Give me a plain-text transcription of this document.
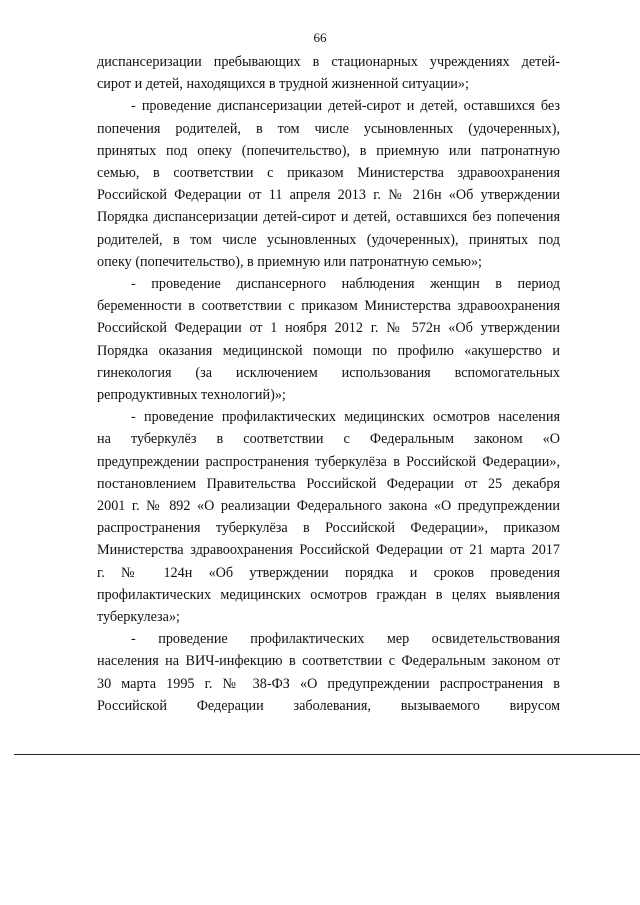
66

диспансеризации пребывающих в стационарных учреждениях детей-
сирот и детей, находящихся в трудной жизненной ситуации»;

- проведение диспансеризации детей-сирот и детей, оставшихся без
попечения родителей, в том числе усыновленных (удочеренных),
принятых под опеку (попечительство), в приемную или патронатную
семью, в соответствии с приказом Министерства здравоохранения
Российской Федерации от 11 апреля 2013 г. № 216н «Об утверждении
Порядка диспансеризации детей-сирот и детей, оставшихся без попечения
родителей, в том числе усыновленных (удочеренных), принятых под
опеку (попечительство), в приемную или патронатную семью»;

- проведение диспансерного наблюдения женщин в период
беременности в соответствии с приказом Министерства здравоохранения
Российской Федерации от 1 ноября 2012 г. № 572н «Об утверждении
Порядка оказания медицинской помощи по профилю «акушерство и
гинекология (за исключением использования вспомогательных
репродуктивных технологий)»;

- проведение профилактических медицинских осмотров населения
на туберкулёз в соответствии с Федеральным законом «О
предупреждении распространения туберкулёза в Российской Федерации»,
постановлением Правительства Российской Федерации от 25 декабря
2001 г. № 892 «О реализации Федерального закона «О предупреждении
распространения туберкулёза в Российской Федерации», приказом
Министерства здравоохранения Российской Федерации от 21 марта 2017
г. № 124н «Об утверждении порядка и сроков проведения
профилактических медицинских осмотров граждан в целях выявления
туберкулеза»;

- проведение профилактических мер освидетельствования
населения на ВИЧ-инфекцию в соответствии с Федеральным законом от
30 марта 1995 г. № 38-ФЗ «О предупреждении распространения в
Российской Федерации заболевания, вызываемого вирусом
